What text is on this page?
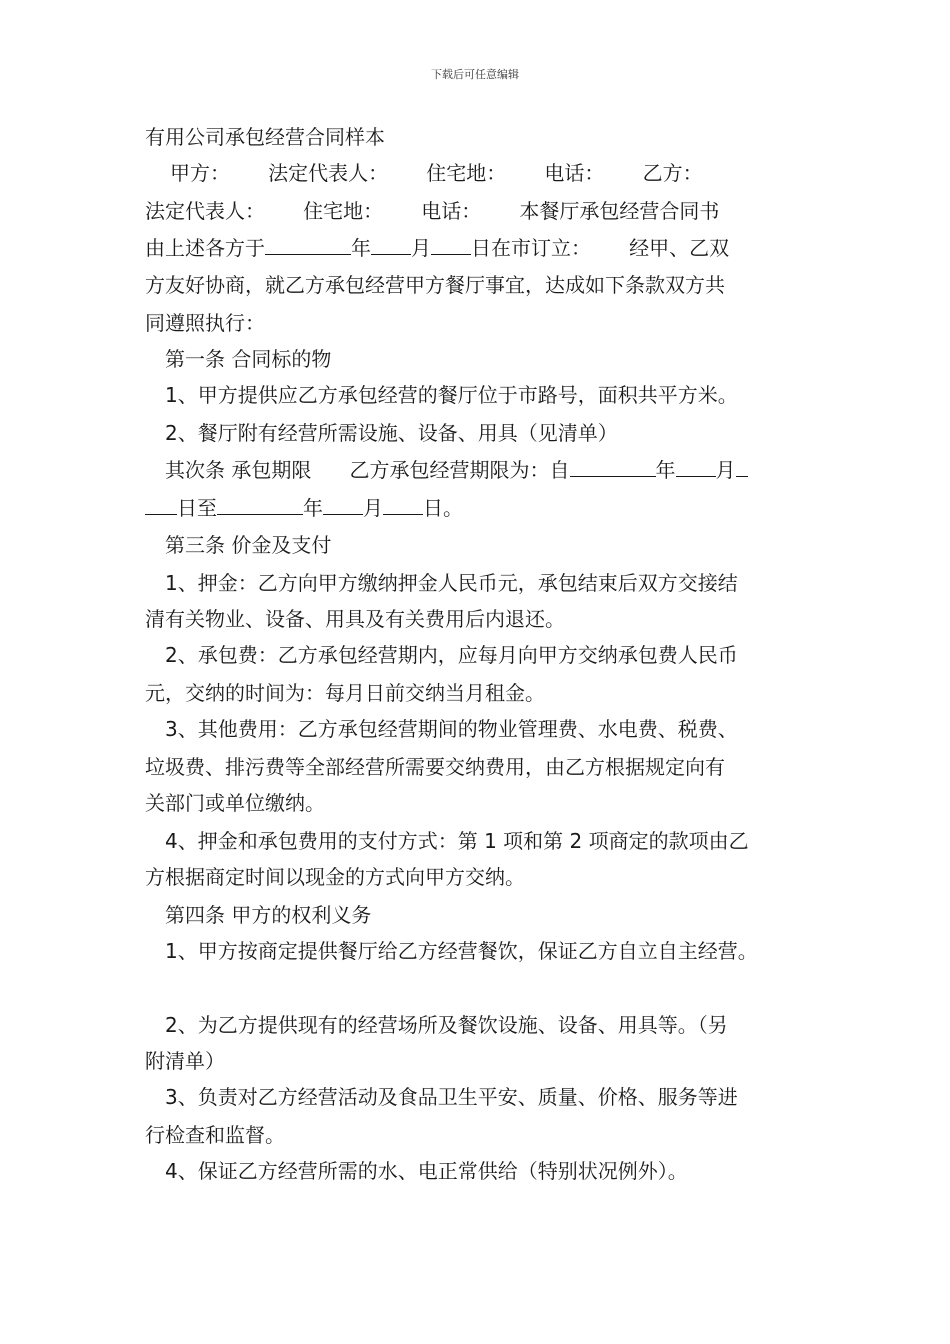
下载后可任意编辑
有用公司承包经营合同样本
甲方：      法定代表人：      住宅地：      电话：      乙方：
法定代表人：      住宅地：      电话：      本餐厅承包经营合同书
由上述各方于	年 月 日在市订立：      经甲、乙双
方友好协商，就乙方承包经营甲方餐厅事宜，达成如下条款双方共
同遵照执行：
第一条 合同标的物
1、甲方提供应乙方承包经营的餐厅位于市路号，面积共平方米。
2、餐厅附有经营所需设施、设备、用具（见清单）
其次条 承包期限      乙方承包经营期限为：自	年 月
日至	年 月 日。
第三条 价金及支付
1、押金：乙方向甲方缴纳押金人民币元，承包结束后双方交接结
清有关物业、设备、用具及有关费用后内退还。
2、承包费：乙方承包经营期内，应每月向甲方交纳承包费人民币
元，交纳的时间为：每月日前交纳当月租金。
3、其他费用：乙方承包经营期间的物业管理费、水电费、税费、
垃圾费、排污费等全部经营所需要交纳费用，由乙方根据规定向有
关部门或单位缴纳。
4、押金和承包费用的支付方式：第 1 项和第 2 项商定的款项由乙
方根据商定时间以现金的方式向甲方交纳。
第四条 甲方的权利义务
1、甲方按商定提供餐厅给乙方经营餐饮，保证乙方自立自主经营。
2、为乙方提供现有的经营场所及餐饮设施、设备、用具等。（另
附清单）
3、负责对乙方经营活动及食品卫生平安、质量、价格、服务等进
行检查和监督。
4、保证乙方经营所需的水、电正常供给（特别状况例外）。
